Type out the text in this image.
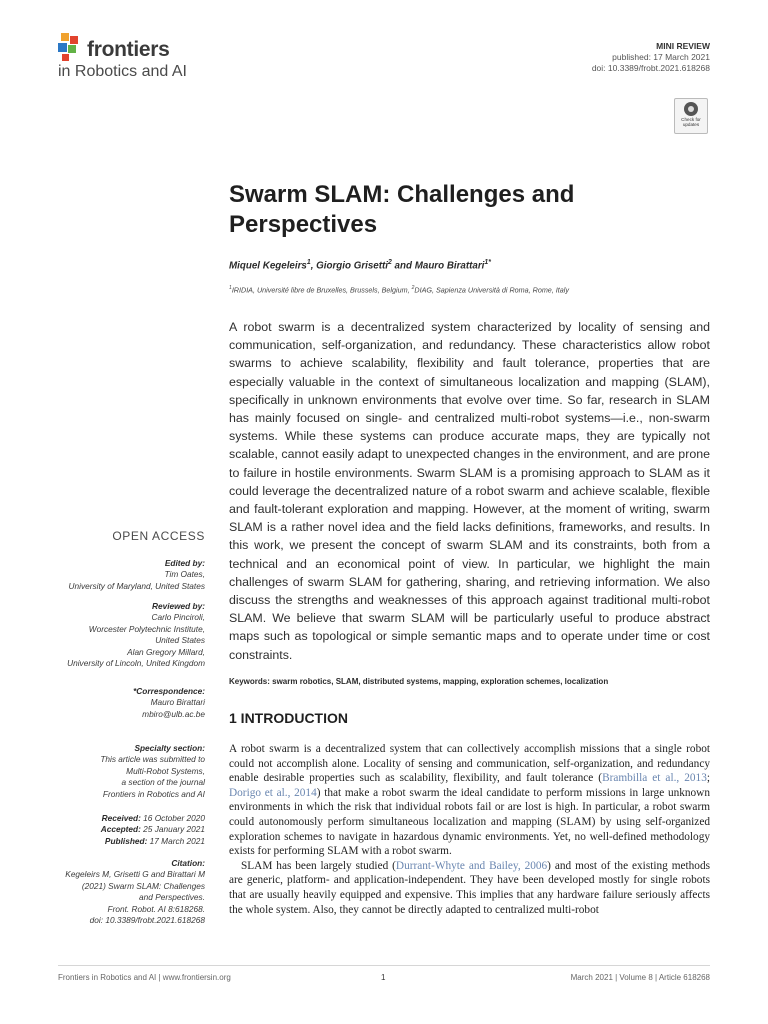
frontiers
in Robotics and AI
MINI REVIEW
published: 17 March 2021
doi: 10.3389/frobt.2021.618268
Check for updates
Swarm SLAM: Challenges and Perspectives
Miquel Kegeleirs$^1$, Giorgio Grisetti$^2$ and Mauro Birattari$^{1*}$
$^1$IRIDIA, Université libre de Bruxelles, Brussels, Belgium, $^2$DIAG, Sapienza Università di Roma, Rome, Italy
A robot swarm is a decentralized system characterized by locality of sensing and communication, self-organization, and redundancy. These characteristics allow robot swarms to achieve scalability, flexibility and fault tolerance, properties that are especially valuable in the context of simultaneous localization and mapping (SLAM), specifically in unknown environments that evolve over time. So far, research in SLAM has mainly focused on single- and centralized multi-robot systems—i.e., non-swarm systems. While these systems can produce accurate maps, they are typically not scalable, cannot easily adapt to unexpected changes in the environment, and are prone to failure in hostile environments. Swarm SLAM is a promising approach to SLAM as it could leverage the decentralized nature of a robot swarm and achieve scalable, flexible and fault-tolerant exploration and mapping. However, at the moment of writing, swarm SLAM is a rather novel idea and the field lacks definitions, frameworks, and results. In this work, we present the concept of swarm SLAM and its constraints, both from a technical and an economical point of view. In particular, we highlight the main challenges of swarm SLAM for gathering, sharing, and retrieving information. We also discuss the strengths and weaknesses of this approach against traditional multi-robot SLAM. We believe that swarm SLAM will be particularly useful to produce abstract maps such as topological or simple semantic maps and to operate under time or cost constraints.
Keywords: swarm robotics, SLAM, distributed systems, mapping, exploration schemes, localization
1 INTRODUCTION

A robot swarm is a decentralized system that can collectively accomplish missions that a single robot could not accomplish alone. Locality of sensing and communication, self-organization, and redundancy enable desirable properties such as scalability, flexibility, and fault tolerance (Brambilla et al., 2013; Dorigo et al., 2014) that make a robot swarm the ideal candidate to perform missions in large unknown environments in which the risk that individual robots fail or are lost is high. In particular, a robot swarm could autonomously perform simultaneous localization and mapping (SLAM) by using self-organized exploration schemes to navigate in hazardous dynamic environments. Yet, no well-defined methodology exists for performing SLAM with a robot swarm.

SLAM has been largely studied (Durrant-Whyte and Bailey, 2006) and most of the existing methods are generic, platform- and application-independent. They have been developed mostly for single robots that are usually heavily equipped and expensive. This implies that any hardware failure seriously affects the whole system. Also, they cannot be directly adapted to centralized multi-robot

OPEN ACCESS
Edited by:
Tim Oates,
University of Maryland, United States
Reviewed by:
Carlo Pinciroli,
Worcester Polytechnic Institute,
United States
Alan Gregory Millard,
University of Lincoln, United Kingdom
*Correspondence:
Mauro Birattari
mbiro@ulb.ac.be
Specialty section:
This article was submitted to
Multi-Robot Systems,
a section of the journal
Frontiers in Robotics and AI
Received: 16 October 2020
Accepted: 25 January 2021
Published: 17 March 2021
Citation:
Kegeleirs M, Grisetti G and Birattari M
(2021) Swarm SLAM: Challenges
and Perspectives.
Front. Robot. AI 8:618268.
doi: 10.3389/frobt.2021.618268
Frontiers in Robotics and AI | www.frontiersin.org	1	March 2021 | Volume 8 | Article 618268
